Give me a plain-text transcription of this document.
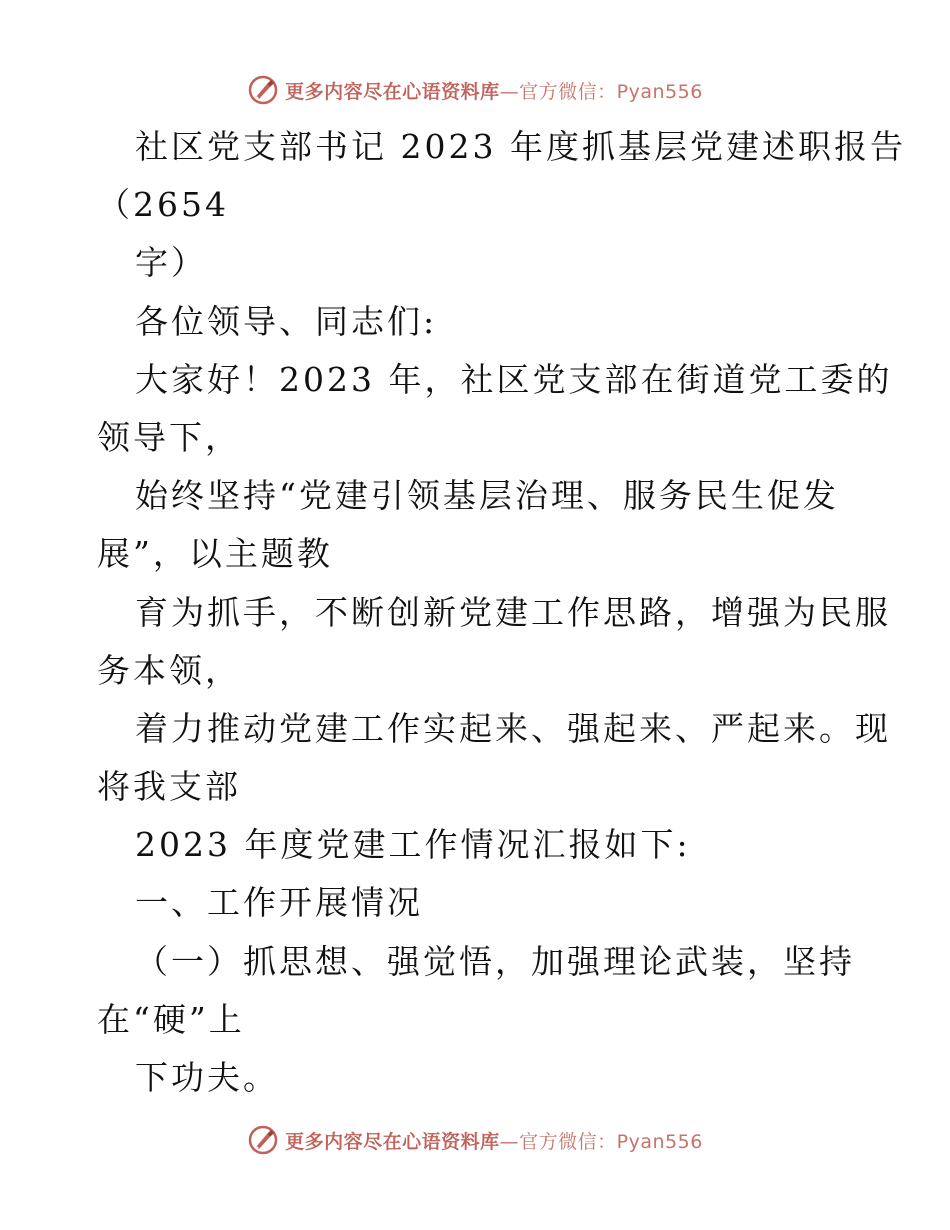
更多内容尽在心语资料库—官方微信：Pyan556
社区党支部书记 2023 年度抓基层党建述职报告
（2654
字）
各位领导、同志们:
大家好！2023 年，社区党支部在街道党工委的
领导下，
始终坚持“党建引领基层治理、服务民生促发
展”，以主题教
育为抓手，不断创新党建工作思路，增强为民服
务本领，
着力推动党建工作实起来、强起来、严起来。现
将我支部
2023 年度党建工作情况汇报如下:
一、工作开展情况
（一）抓思想、强觉悟，加强理论武装，坚持
在“硬”上
下功夫。
更多内容尽在心语资料库—官方微信：Pyan556
